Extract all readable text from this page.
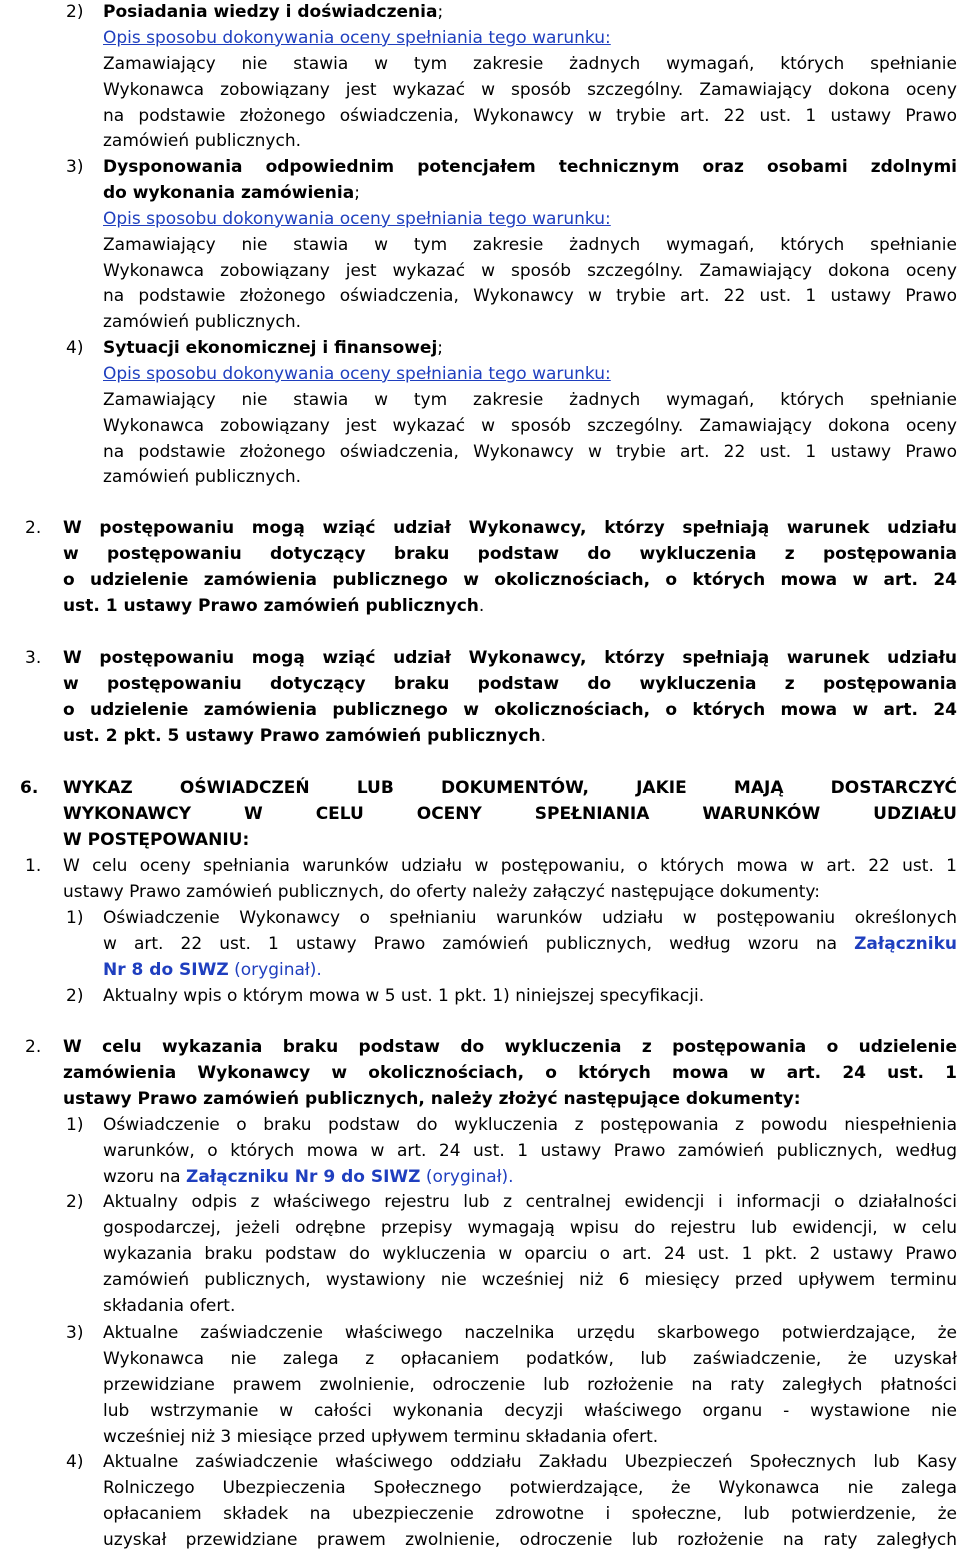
2) Posiadania wiedzy i doświadczenia;
Opis sposobu dokonywania oceny spełniania tego warunku:
Zamawiający nie stawia w tym zakresie żadnych wymagań, których spełnianie
Wykonawca zobowiązany jest wykazać w sposób szczególny. Zamawiający dokona oceny
na podstawie złożonego oświadczenia, Wykonawcy w trybie art. 22 ust. 1 ustawy Prawo
zamówień publicznych.
3) Dysponowania odpowiednim potencjałem technicznym oraz osobami zdolnymi
do wykonania zamówienia;
Opis sposobu dokonywania oceny spełniania tego warunku:
Zamawiający nie stawia w tym zakresie żadnych wymagań, których spełnianie
Wykonawca zobowiązany jest wykazać w sposób szczególny. Zamawiający dokona oceny
na podstawie złożonego oświadczenia, Wykonawcy w trybie art. 22 ust. 1 ustawy Prawo
zamówień publicznych.
4) Sytuacji ekonomicznej i finansowej;
Opis sposobu dokonywania oceny spełniania tego warunku:
Zamawiający nie stawia w tym zakresie żadnych wymagań, których spełnianie
Wykonawca zobowiązany jest wykazać w sposób szczególny. Zamawiający dokona oceny
na podstawie złożonego oświadczenia, Wykonawcy w trybie art. 22 ust. 1 ustawy Prawo
zamówień publicznych.
2. W postępowaniu mogą wziąć udział Wykonawcy, którzy spełniają warunek udziału
w postępowaniu dotyczący braku podstaw do wykluczenia z postępowania
o udzielenie zamówienia publicznego w okolicznościach, o których mowa w art. 24
ust. 1 ustawy Prawo zamówień publicznych.
3. W postępowaniu mogą wziąć udział Wykonawcy, którzy spełniają warunek udziału
w postępowaniu dotyczący braku podstaw do wykluczenia z postępowania
o udzielenie zamówienia publicznego w okolicznościach, o których mowa w art. 24
ust. 2 pkt. 5 ustawy Prawo zamówień publicznych.
6. WYKAZ OŚWIADCZEŃ LUB DOKUMENTÓW, JAKIE MAJĄ DOSTARCZYĆ
WYKONAWCY W CELU OCENY SPEŁNIANIA WARUNKÓW UDZIAŁU
W POSTĘPOWANIU:
1. W celu oceny spełniania warunków udziału w postępowaniu, o których mowa w art. 22 ust. 1
ustawy Prawo zamówień publicznych, do oferty należy załączyć następujące dokumenty:
1) Oświadczenie Wykonawcy o spełnianiu warunków udziału w postępowaniu określonych
w art. 22 ust. 1 ustawy Prawo zamówień publicznych, według wzoru na Załączniku
Nr 8 do SIWZ (oryginał).
2) Aktualny wpis o którym mowa w 5 ust. 1 pkt. 1) niniejszej specyfikacji.
2. W celu wykazania braku podstaw do wykluczenia z postępowania o udzielenie
zamówienia Wykonawcy w okolicznościach, o których mowa w art. 24 ust. 1
ustawy Prawo zamówień publicznych, należy złożyć następujące dokumenty:
1) Oświadczenie o braku podstaw do wykluczenia z postępowania z powodu niespełnienia
warunków, o których mowa w art. 24 ust. 1 ustawy Prawo zamówień publicznych, według
wzoru na Załączniku Nr 9 do SIWZ (oryginał).
2) Aktualny odpis z właściwego rejestru lub z centralnej ewidencji i informacji o działalności
gospodarczej, jeżeli odrębne przepisy wymagają wpisu do rejestru lub ewidencji, w celu
wykazania braku podstaw do wykluczenia w oparciu o art. 24 ust. 1 pkt. 2 ustawy Prawo
zamówień publicznych, wystawiony nie wcześniej niż 6 miesięcy przed upływem terminu
składania ofert.
3) Aktualne zaświadczenie właściwego naczelnika urzędu skarbowego potwierdzające, że
Wykonawca nie zalega z opłacaniem podatków, lub zaświadczenie, że uzyskał
przewidziane prawem zwolnienie, odroczenie lub rozłożenie na raty zaległych płatności
lub wstrzymanie w całości wykonania decyzji właściwego organu - wystawione nie
wcześniej niż 3 miesiące przed upływem terminu składania ofert.
4) Aktualne zaświadczenie właściwego oddziału Zakładu Ubezpieczeń Społecznych lub Kasy
Rolniczego Ubezpieczenia Społecznego potwierdzające, że Wykonawca nie zalega
opłacaniem składek na ubezpieczenie zdrowotne i społeczne, lub potwierdzenie, że
uzyskał przewidziane prawem zwolnienie, odroczenie lub rozłożenie na raty zaległych
